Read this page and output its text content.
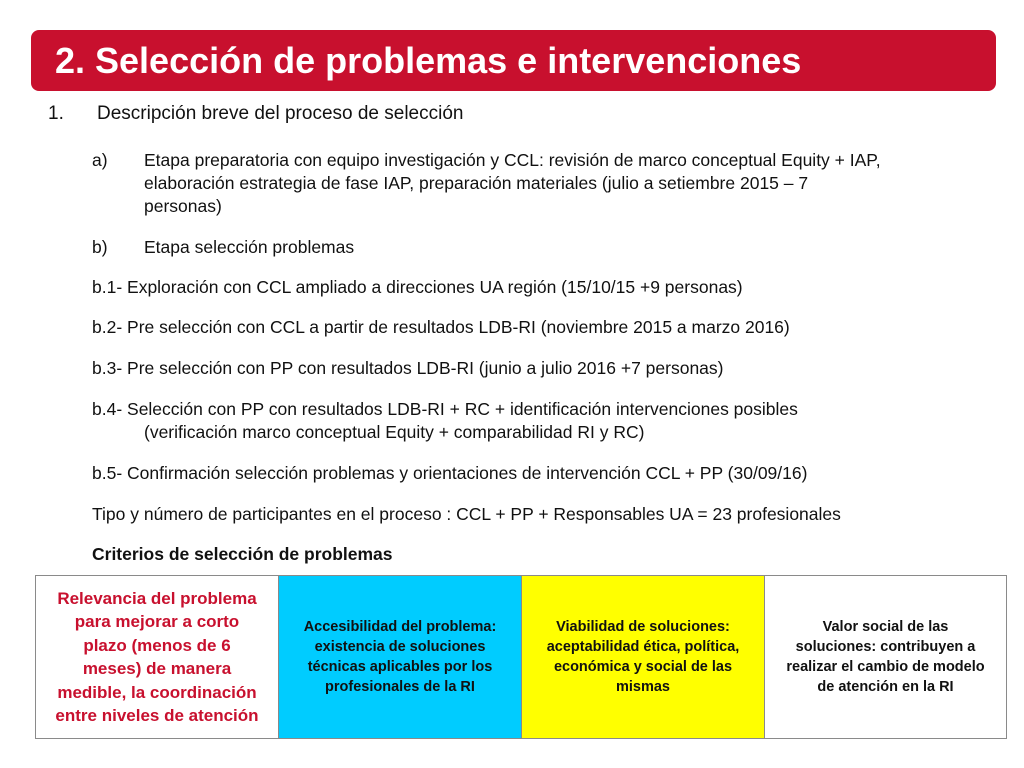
2. Selección de problemas e intervenciones
1. Descripción breve del proceso de selección
a) Etapa preparatoria con equipo investigación y CCL: revisión de marco conceptual Equity + IAP,
elaboración estrategia de fase IAP, preparación materiales (julio a setiembre 2015 – 7
personas)
b) Etapa selección problemas
b.1- Exploración con CCL ampliado a direcciones UA región (15/10/15 +9 personas)
b.2- Pre selección con CCL a partir de resultados LDB-RI (noviembre 2015 a marzo 2016)
b.3- Pre selección con PP con resultados LDB-RI (junio a julio 2016 +7 personas)
b.4- Selección con PP con resultados LDB-RI + RC + identificación intervenciones posibles
(verificación marco conceptual Equity + comparabilidad RI y RC)
b.5- Confirmación selección problemas y orientaciones de intervención CCL + PP (30/09/16)
Tipo y número de participantes en el proceso : CCL + PP + Responsables UA = 23 profesionales
Criterios de selección de problemas
Relevancia del problema
para mejorar a corto
plazo (menos de 6
meses) de manera
medible, la coordinación
entre niveles de atención

Accesibilidad del problema:
existencia de soluciones
técnicas aplicables por los
profesionales de la RI

Viabilidad de soluciones:
aceptabilidad ética, política,
económica y social de las
mismas

Valor social de las
soluciones: contribuyen a
realizar el cambio de modelo
de atención en la RI
